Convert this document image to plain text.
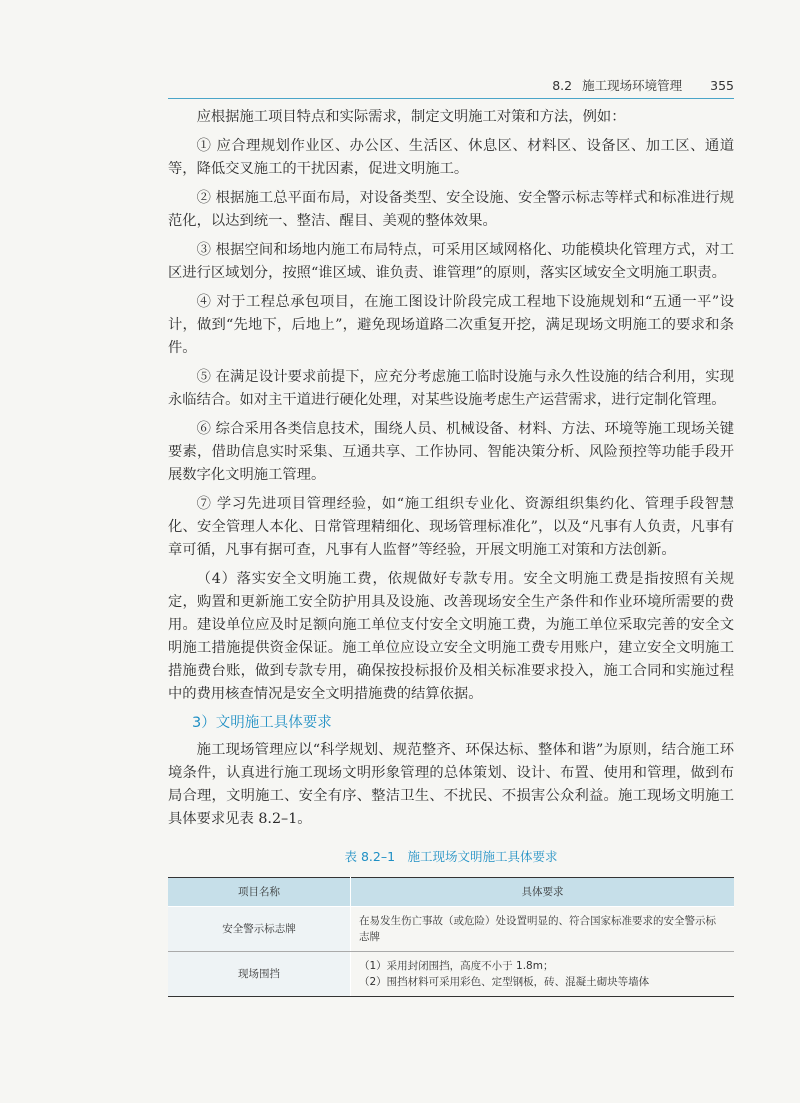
8.2 施工现场环境管理 355

应根据施工项目特点和实际需求，制定文明施工对策和方法，例如：

① 应合理规划作业区、办公区、生活区、休息区、材料区、设备区、加工区、通道等，降低交叉施工的干扰因素，促进文明施工。

② 根据施工总平面布局，对设备类型、安全设施、安全警示标志等样式和标准进行规范化，以达到统一、整洁、醒目、美观的整体效果。

③ 根据空间和场地内施工布局特点，可采用区域网格化、功能模块化管理方式，对工区进行区域划分，按照“谁区域、谁负责、谁管理”的原则，落实区域安全文明施工职责。

④ 对于工程总承包项目，在施工图设计阶段完成工程地下设施规划和“五通一平”设计，做到“先地下，后地上”，避免现场道路二次重复开挖，满足现场文明施工的要求和条件。

⑤ 在满足设计要求前提下，应充分考虑施工临时设施与永久性设施的结合利用，实现永临结合。如对主干道进行硬化处理，对某些设施考虑生产运营需求，进行定制化管理。

⑥ 综合采用各类信息技术，围绕人员、机械设备、材料、方法、环境等施工现场关键要素，借助信息实时采集、互通共享、工作协同、智能决策分析、风险预控等功能手段开展数字化文明施工管理。

⑦ 学习先进项目管理经验，如“施工组织专业化、资源组织集约化、管理手段智慧化、安全管理人本化、日常管理精细化、现场管理标准化”，以及“凡事有人负责，凡事有章可循，凡事有据可查，凡事有人监督”等经验，开展文明施工对策和方法创新。

（4）落实安全文明施工费，依规做好专款专用。安全文明施工费是指按照有关规定，购置和更新施工安全防护用具及设施、改善现场安全生产条件和作业环境所需要的费用。建设单位应及时足额向施工单位支付安全文明施工费，为施工单位采取完善的安全文明施工措施提供资金保证。施工单位应设立安全文明施工费专用账户，建立安全文明施工措施费台账，做到专款专用，确保按投标报价及相关标准要求投入，施工合同和实施过程中的费用核查情况是安全文明措施费的结算依据。

3）文明施工具体要求

施工现场管理应以“科学规划、规范整齐、环保达标、整体和谐”为原则，结合施工环境条件，认真进行施工现场文明形象管理的总体策划、设计、布置、使用和管理，做到布局合理，文明施工、安全有序、整洁卫生、不扰民、不损害公众利益。施工现场文明施工具体要求见表 8.2–1。

表 8.2–1　施工现场文明施工具体要求
项目名称	具体要求
安全警示标志牌	在易发生伤亡事故（或危险）处设置明显的、符合国家标准要求的安全警示标志牌

现场围挡	（1）采用封闭围挡，高度不小于 1.8m；
（2）围挡材料可采用彩色、定型钢板，砖、混凝土砌块等墙体
